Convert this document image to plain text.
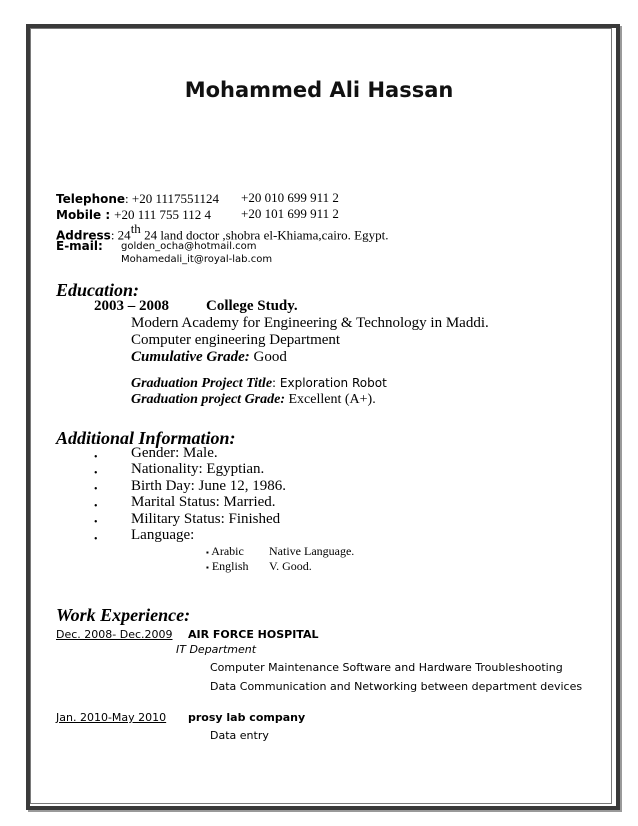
Mohammed Ali Hassan
Telephone: +20 1117551124 +20 010 699 911 2
Mobile : +20 111 755 112 4 +20 101 699 911 2
Address: 24th 24 land doctor ,shobra el-Khiama,cairo. Egypt.
E-mail: golden_ocha@hotmail.com
Mohamedali_it@royal-lab.com
Education:
2003 – 2008 College Study.
Modern Academy for Engineering & Technology in Maddi.
Computer engineering Department
Cumulative Grade: Good
Graduation Project Title: Exploration Robot
Graduation project Grade: Excellent (A+).
Additional Information:
• Gender: Male.
• Nationality: Egyptian.
• Birth Day: June 12, 1986.
• Marital Status: Married.
• Military Status: Finished
• Language:
▪ Arabic Native Language.
▪ English V. Good.
Work Experience:
Dec. 2008- Dec.2009 AIR FORCE HOSPITAL
IT Department
Computer Maintenance Software and Hardware Troubleshooting
Data Communication and Networking between department devices
Jan. 2010-May 2010 prosy lab company
Data entry
